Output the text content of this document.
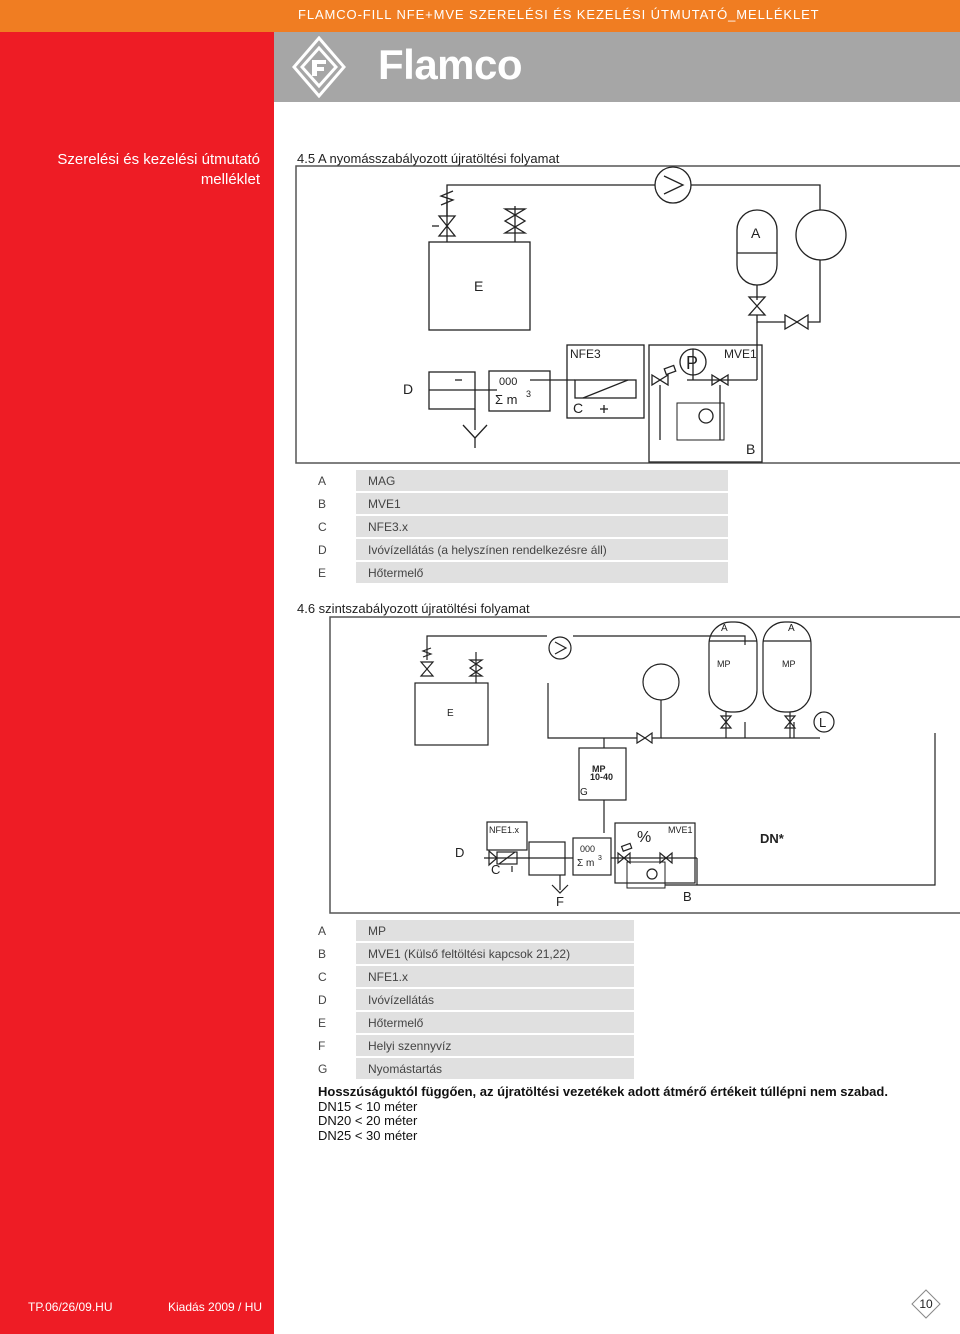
FLAMCO-FILL NFE+MVE SZERELÉSI ÉS KEZELÉSI ÚTMUTATÓ_MELLÉKLET
Szerelési és kezelési útmutató
melléklet
Flamco
4.5 A nyomásszabályozott újratöltési folyamat
A
E
D
C
B
P
NFE3	MVE1
000
Σ m 3
A	MAG
B	MVE1
C	NFE3.x
D	Ivóvízellátás (a helyszínen rendelkezésre áll)
E	Hőtermelő
4.6 szintszabályozott újratöltési folyamat
A	A
MP	MP
E
L
MP
10-40
G
D
C
F	B
NFE1.x	MVE1
DN*
000
Σ m 3
%
A	MP
B	MVE1 (Külső feltöltési kapcsok 21,22)
C	NFE1.x
D	Ivóvízellátás
E	Hőtermelő
F	Helyi szennyvíz
G	Nyomástartás
Hosszúságuktól függően, az újratöltési vezetékek adott átmérő értékeit túllépni nem szabad.
DN15 < 10 méter
DN20 < 20 méter
DN25 < 30 méter
TP.06/26/09.HU	Kiadás 2009 / HU	10
